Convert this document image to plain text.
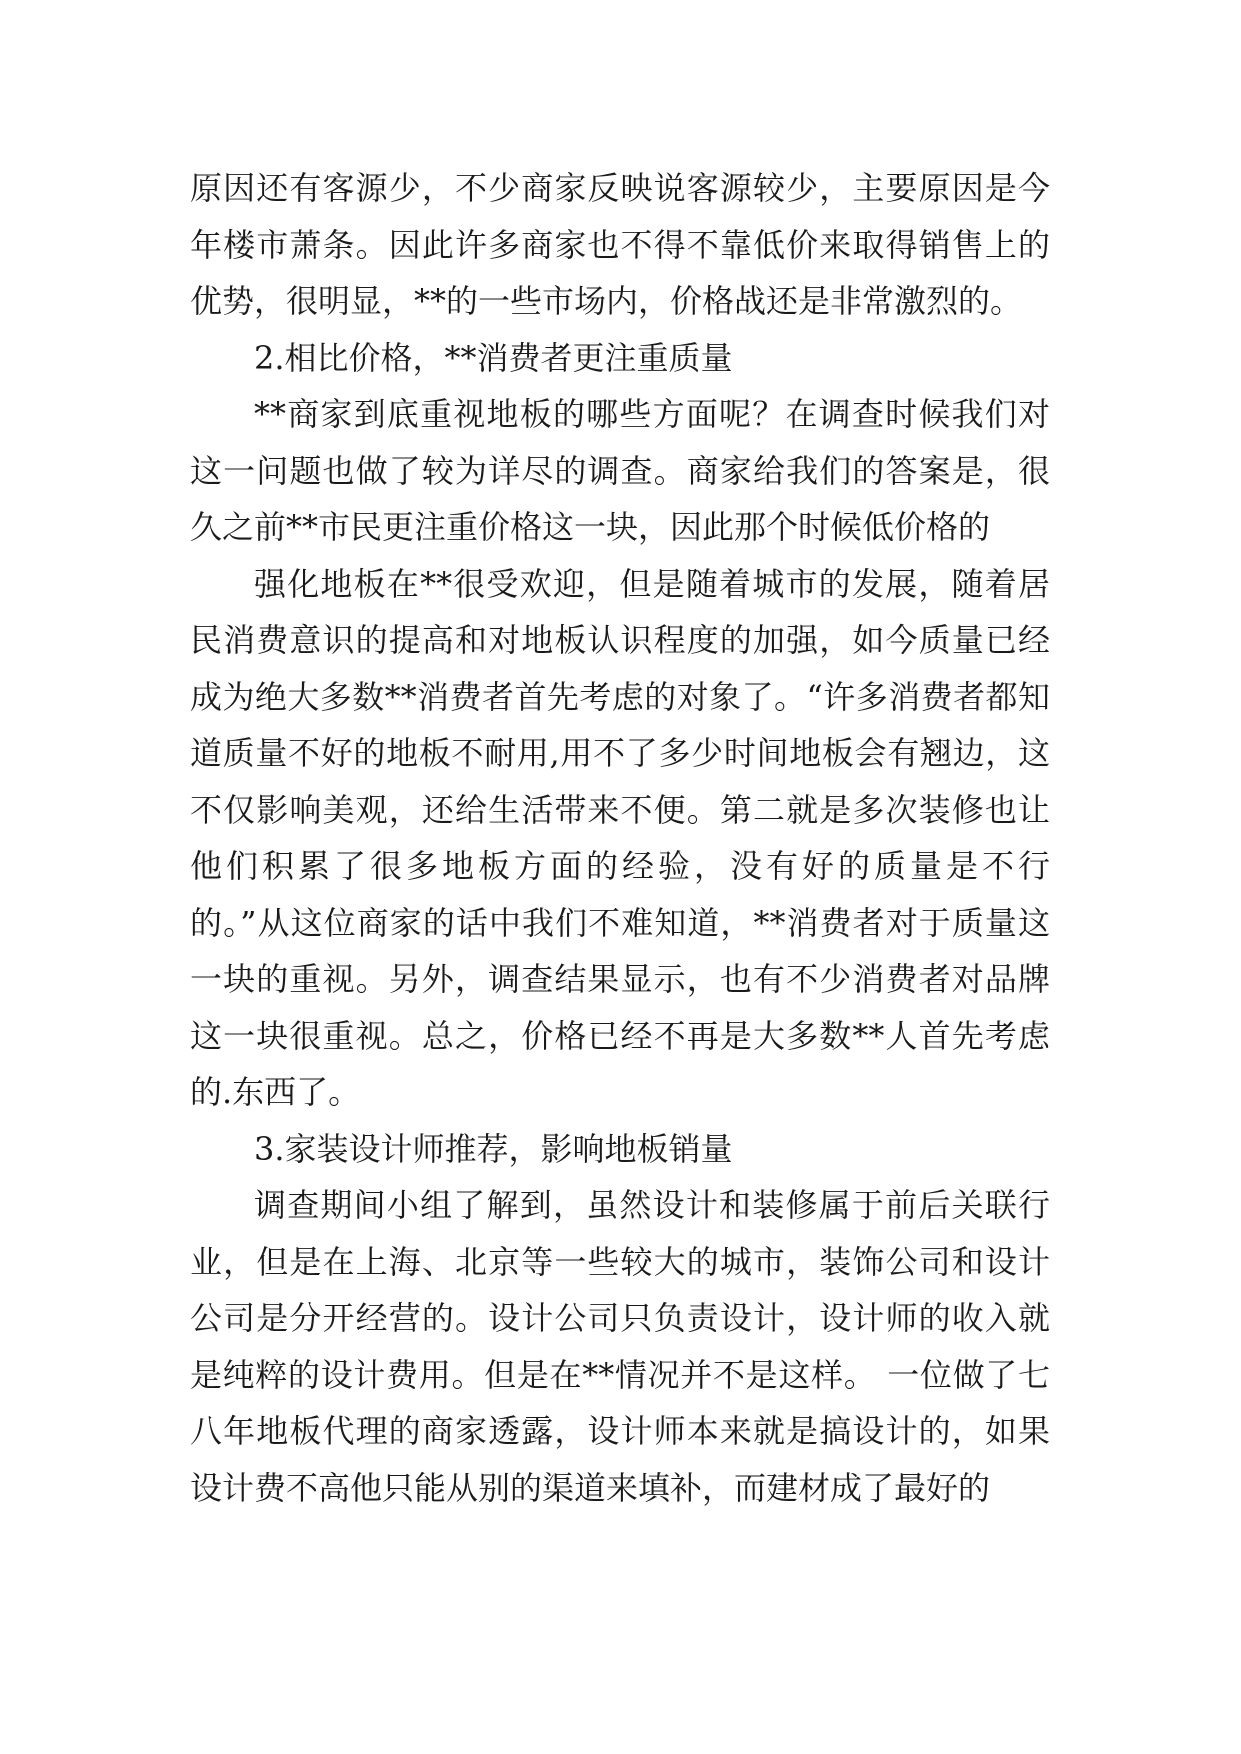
原因还有客源少，不少商家反映说客源较少，主要原因是今年楼市萧条。因此许多商家也不得不靠低价来取得销售上的优势，很明显，**的一些市场内，价格战还是非常激烈的。

2.相比价格，**消费者更注重质量

**商家到底重视地板的哪些方面呢？在调查时候我们对这一问题也做了较为详尽的调查。商家给我们的答案是，很久之前**市民更注重价格这一块，因此那个时候低价格的

强化地板在**很受欢迎，但是随着城市的发展，随着居民消费意识的提高和对地板认识程度的加强，如今质量已经成为绝大多数**消费者首先考虑的对象了。“许多消费者都知道质量不好的地板不耐用,用不了多少时间地板会有翘边，这不仅影响美观，还给生活带来不便。第二就是多次装修也让他们积累了很多地板方面的经验，没有好的质量是不行的。”从这位商家的话中我们不难知道，**消费者对于质量这一块的重视。另外，调查结果显示，也有不少消费者对品牌这一块很重视。总之，价格已经不再是大多数**人首先考虑的.东西了。

3.家装设计师推荐，影响地板销量

调查期间小组了解到，虽然设计和装修属于前后关联行业，但是在上海、北京等一些较大的城市，装饰公司和设计公司是分开经营的。设计公司只负责设计，设计师的收入就是纯粹的设计费用。但是在**情况并不是这样。 一位做了七八年地板代理的商家透露，设计师本来就是搞设计的，如果设计费不高他只能从别的渠道来填补，而建材成了最好的
